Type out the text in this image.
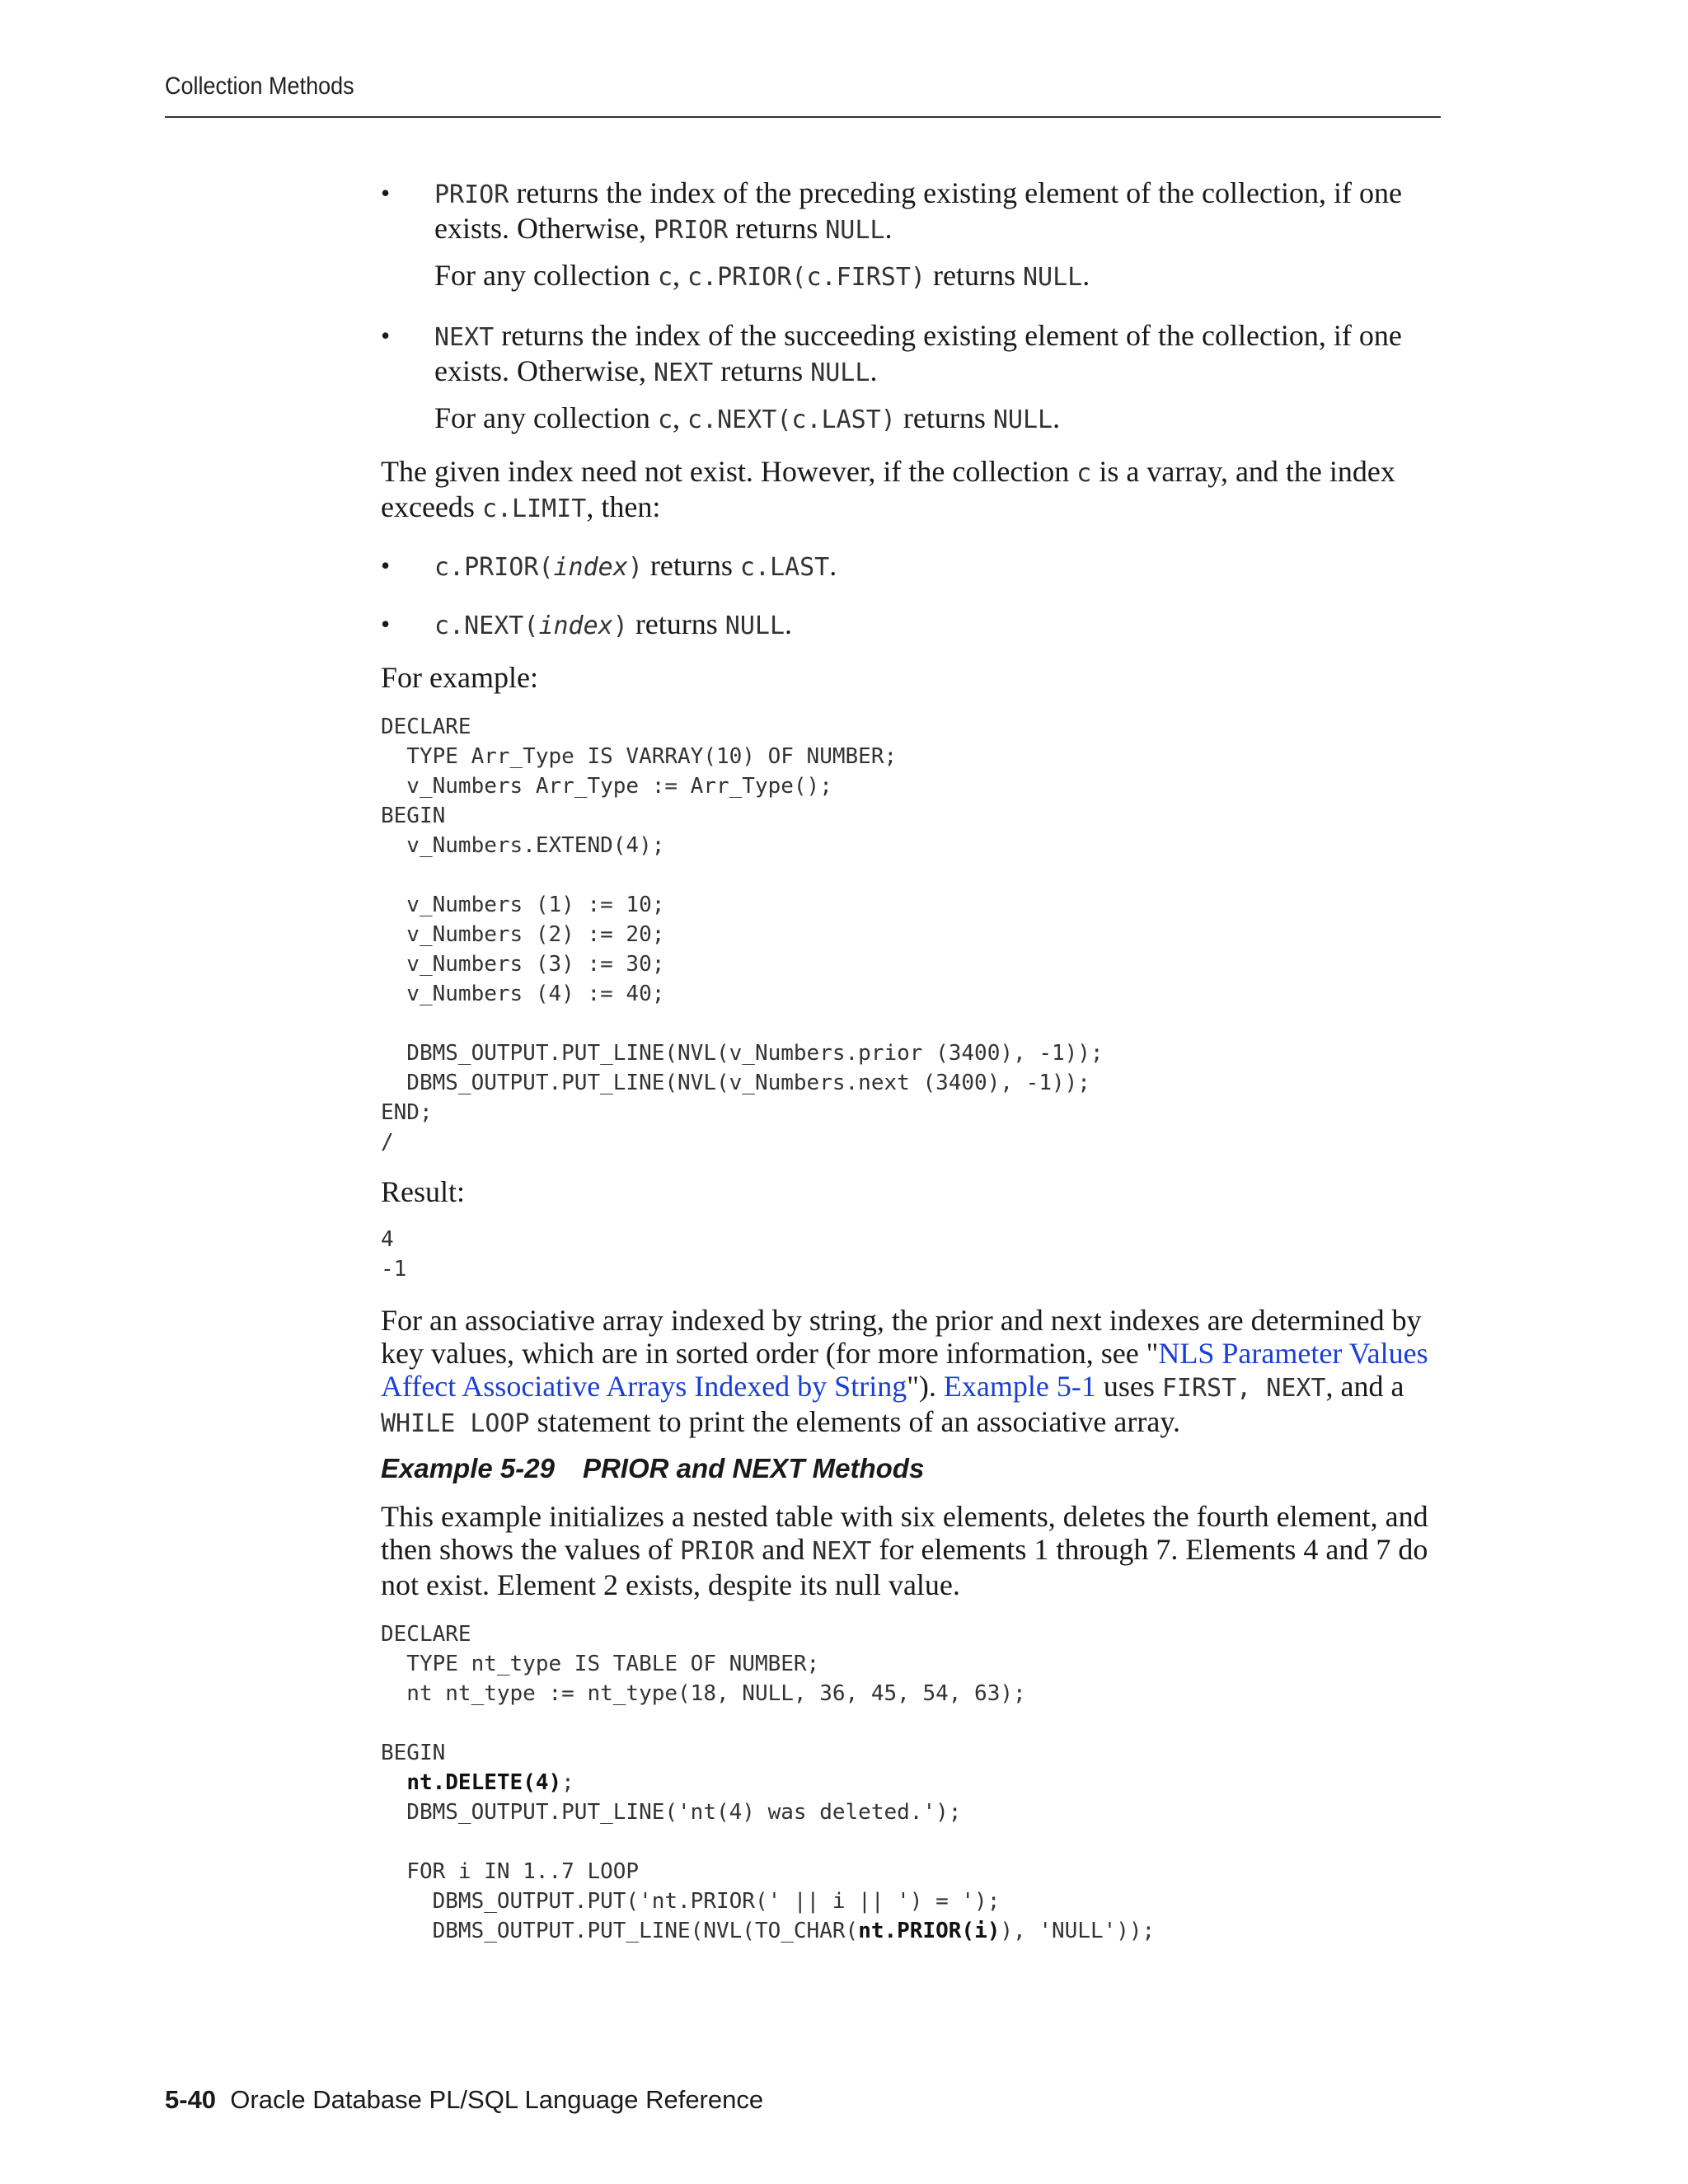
Collection Methods
• PRIOR returns the index of the preceding existing element of the collection, if one exists. Otherwise, PRIOR returns NULL.
For any collection c, c.PRIOR(c.FIRST) returns NULL.
• NEXT returns the index of the succeeding existing element of the collection, if one exists. Otherwise, NEXT returns NULL.
For any collection c, c.NEXT(c.LAST) returns NULL.

The given index need not exist. However, if the collection c is a varray, and the index exceeds c.LIMIT, then:

• c.PRIOR(index) returns c.LAST.
• c.NEXT(index) returns NULL.

For example:

DECLARE
TYPE Arr_Type IS VARRAY(10) OF NUMBER;
v_Numbers Arr_Type := Arr_Type();
BEGIN
v_Numbers.EXTEND(4);

v_Numbers (1) := 10;
v_Numbers (2) := 20;
v_Numbers (3) := 30;
v_Numbers (4) := 40;

DBMS_OUTPUT.PUT_LINE(NVL(v_Numbers.prior (3400), -1));
DBMS_OUTPUT.PUT_LINE(NVL(v_Numbers.next (3400), -1));
END;
/

Result:

4
-1

For an associative array indexed by string, the prior and next indexes are determined by key values, which are in sorted order (for more information, see "NLS Parameter Values Affect Associative Arrays Indexed by String"). Example 5-1 uses FIRST, NEXT, and a WHILE LOOP statement to print the elements of an associative array.

Example 5-29 PRIOR and NEXT Methods

This example initializes a nested table with six elements, deletes the fourth element, and then shows the values of PRIOR and NEXT for elements 1 through 7. Elements 4 and 7 do not exist. Element 2 exists, despite its null value.

DECLARE
TYPE nt_type IS TABLE OF NUMBER;
nt nt_type := nt_type(18, NULL, 36, 45, 54, 63);

BEGIN
nt.DELETE(4);
DBMS_OUTPUT.PUT_LINE('nt(4) was deleted.');

FOR i IN 1..7 LOOP
DBMS_OUTPUT.PUT('nt.PRIOR(' || i || ') = ');
DBMS_OUTPUT.PUT_LINE(NVL(TO_CHAR(nt.PRIOR(i)), 'NULL'));
5-40 Oracle Database PL/SQL Language Reference
